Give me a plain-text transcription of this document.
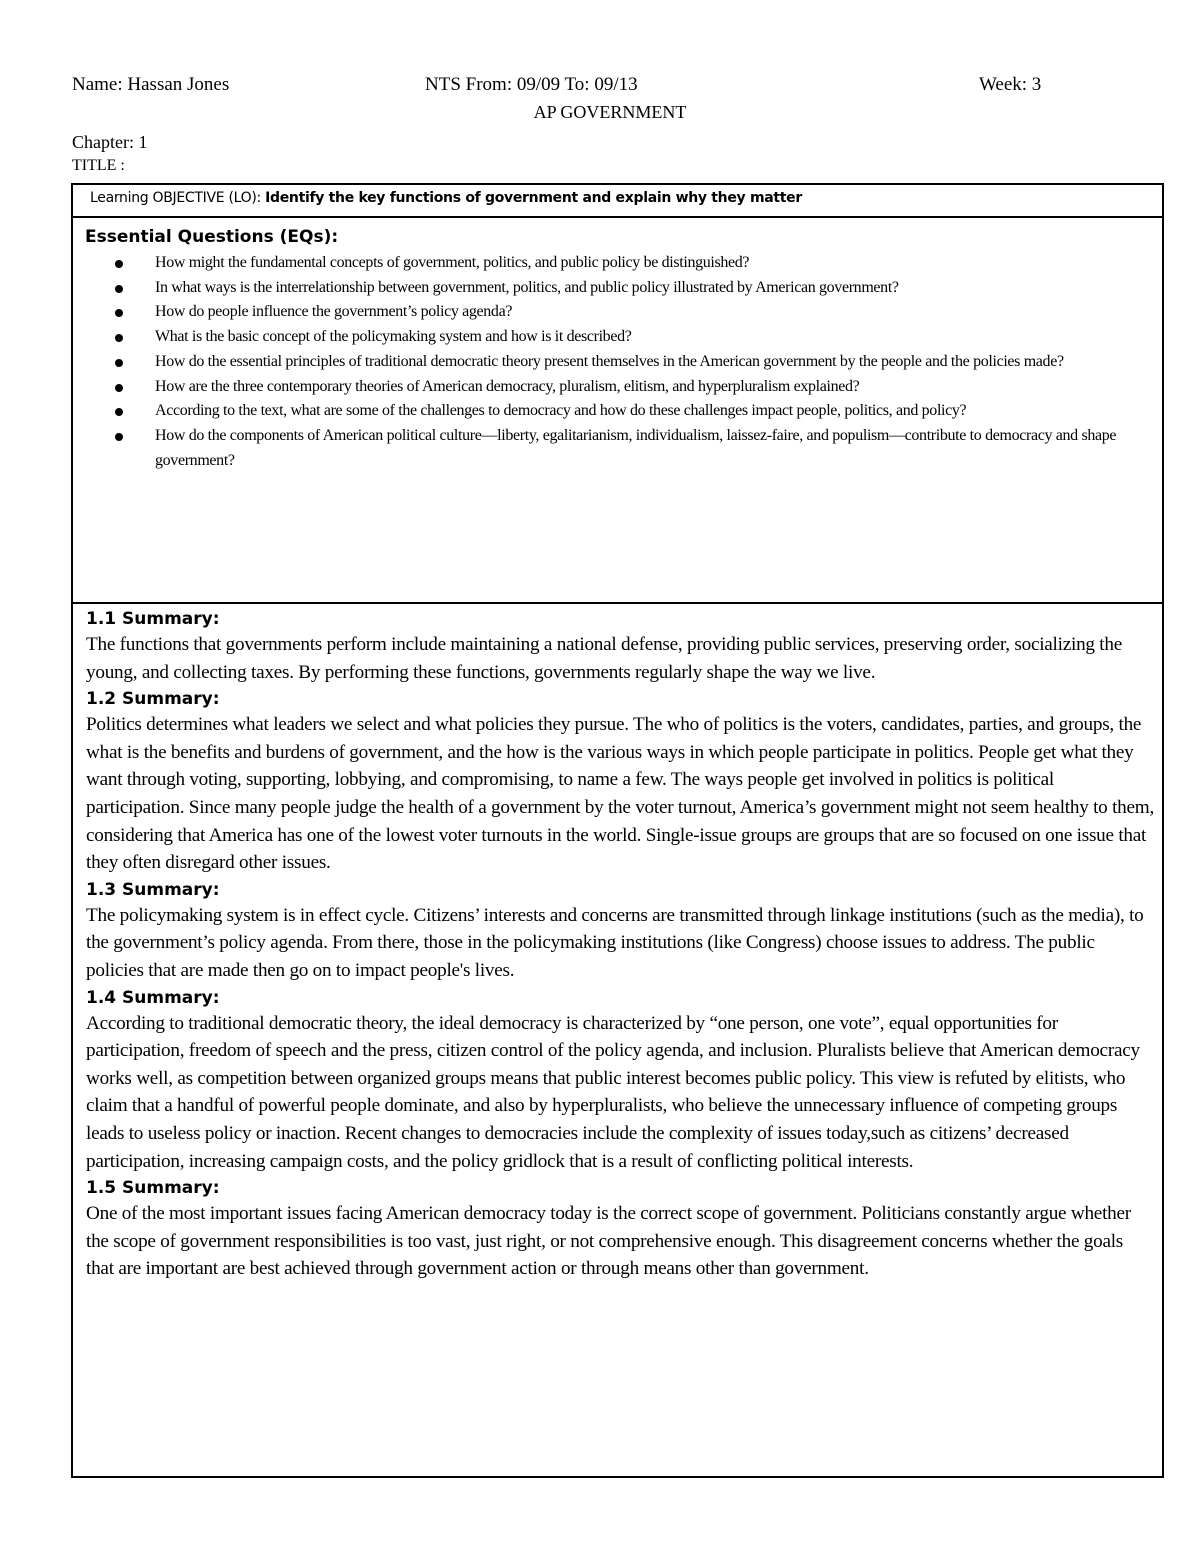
Name: Hassan Jones	NTS From: 09/09 To: 09/13	Week: 3
AP GOVERNMENT
Chapter: 1
TITLE :
Learning OBJECTIVE (LO): Identify the key functions of government and explain why they matter
Essential Questions (EQs):
How might the fundamental concepts of government, politics, and public policy be distinguished?
In what ways is the interrelationship between government, politics, and public policy illustrated by American government?
How do people influence the government’s policy agenda?
What is the basic concept of the policymaking system and how is it described?
How do the essential principles of traditional democratic theory present themselves in the American government by the people and the policies made?
How are the three contemporary theories of American democracy, pluralism, elitism, and hyperpluralism explained?
According to the text, what are some of the challenges to democracy and how do these challenges impact people, politics, and policy?
How do the components of American political culture—liberty, egalitarianism, individualism, laissez-faire, and populism—contribute to democracy and shape government?
1.1 Summary:
The functions that governments perform include maintaining a national defense, providing public services, preserving order, socializing the young, and collecting taxes. By performing these functions, governments regularly shape the way we live.
1.2 Summary:
Politics determines what leaders we select and what policies they pursue. The who of politics is the voters, candidates, parties, and groups, the what is the benefits and burdens of government, and the how is the various ways in which people participate in politics. People get what they want through voting, supporting, lobbying, and compromising, to name a few. The ways people get involved in politics is political participation. Since many people judge the health of a government by the voter turnout, America’s government might not seem healthy to them, considering that America has one of the lowest voter turnouts in the world. Single-issue groups are groups that are so focused on one issue that they often disregard other issues.
1.3 Summary:
The policymaking system is in effect cycle. Citizens’ interests and concerns are transmitted through linkage institutions (such as the media), to the government’s policy agenda. From there, those in the policymaking institutions (like Congress) choose issues to address. The public policies that are made then go on to impact people's lives.
1.4 Summary:
According to traditional democratic theory, the ideal democracy is characterized by “one person, one vote”, equal opportunities for participation, freedom of speech and the press, citizen control of the policy agenda, and inclusion. Pluralists believe that American democracy works well, as competition between organized groups means that public interest becomes public policy. This view is refuted by elitists, who claim that a handful of powerful people dominate, and also by hyperpluralists, who believe the unnecessary influence of competing groups leads to useless policy or inaction. Recent changes to democracies include the complexity of issues today,such as citizens’ decreased participation, increasing campaign costs, and the policy gridlock that is a result of conflicting political interests.
1.5 Summary:
One of the most important issues facing American democracy today is the correct scope of government. Politicians constantly argue whether the scope of government responsibilities is too vast, just right, or not comprehensive enough. This disagreement concerns whether the goals that are important are best achieved through government action or through means other than government.
